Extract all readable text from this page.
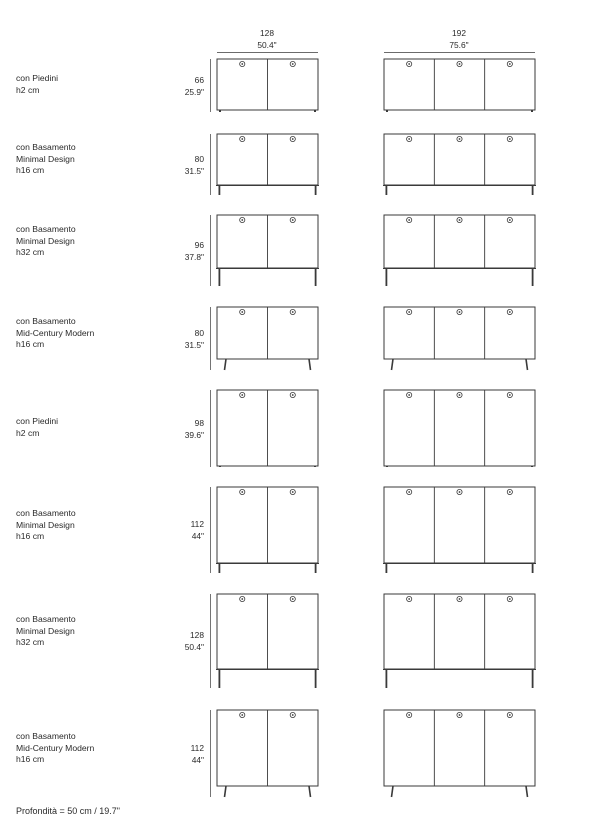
128
50.4"
192
75.6"
con Piedini
h2 cm
66
25.9"
con Basamento
Minimal Design
h16 cm
80
31.5"
con Basamento
Minimal Design
h32 cm
96
37.8"
con Basamento
Mid-Century Modern
h16 cm
80
31.5"
con Piedini
h2 cm
98
39.6"
con Basamento
Minimal Design
h16 cm
112
44"
con Basamento
Minimal Design
h32 cm
128
50.4"
con Basamento
Mid-Century Modern
h16 cm
112
44"
Profondità = 50 cm / 19.7"
